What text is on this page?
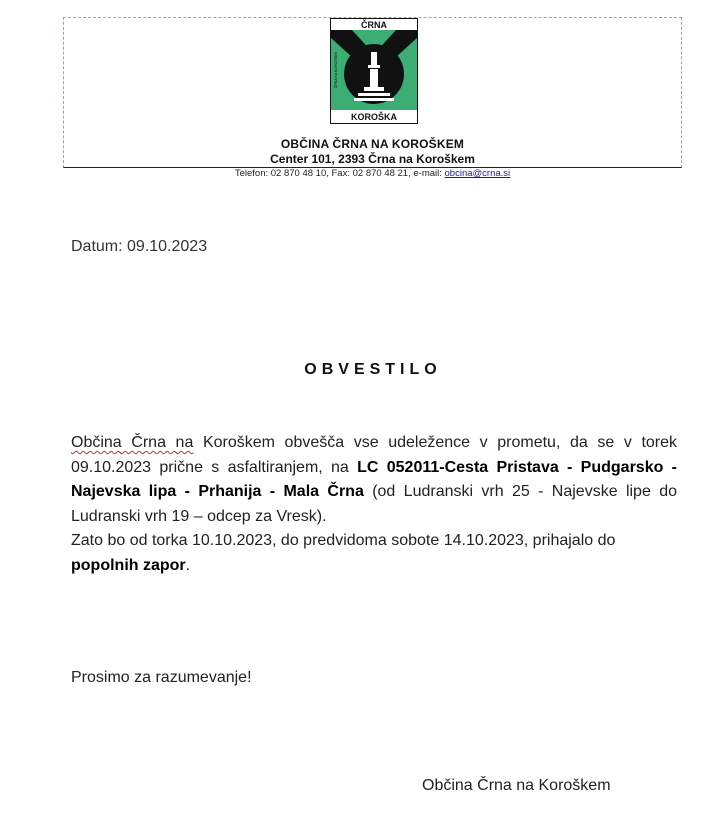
ČRNA
KOROŠKA
ČRNA NA KOROŠKEM
OBČINA ČRNA NA KOROŠKEM
Center 101, 2393 Črna na Koroškem
Telefon: 02 870 48 10, Fax: 02 870 48 21, e-mail: obcina@crna.si
Datum: 09.10.2023
OBVESTILO
Občina Črna na Koroškem obvešča vse udeležence v prometu, da se v torek 09.10.2023 prične s asfaltiranjem, na LC 052011-Cesta Pristava - Pudgarsko - Najevska lipa - Prhanija - Mala Črna (od Ludranski vrh 25 - Najevske lipe do Ludranski vrh 19 – odcep za Vresk).
Zato bo od torka 10.10.2023, do predvidoma sobote 14.10.2023, prihajalo do popolnih zapor.
Prosimo za razumevanje!
Občina Črna na Koroškem
